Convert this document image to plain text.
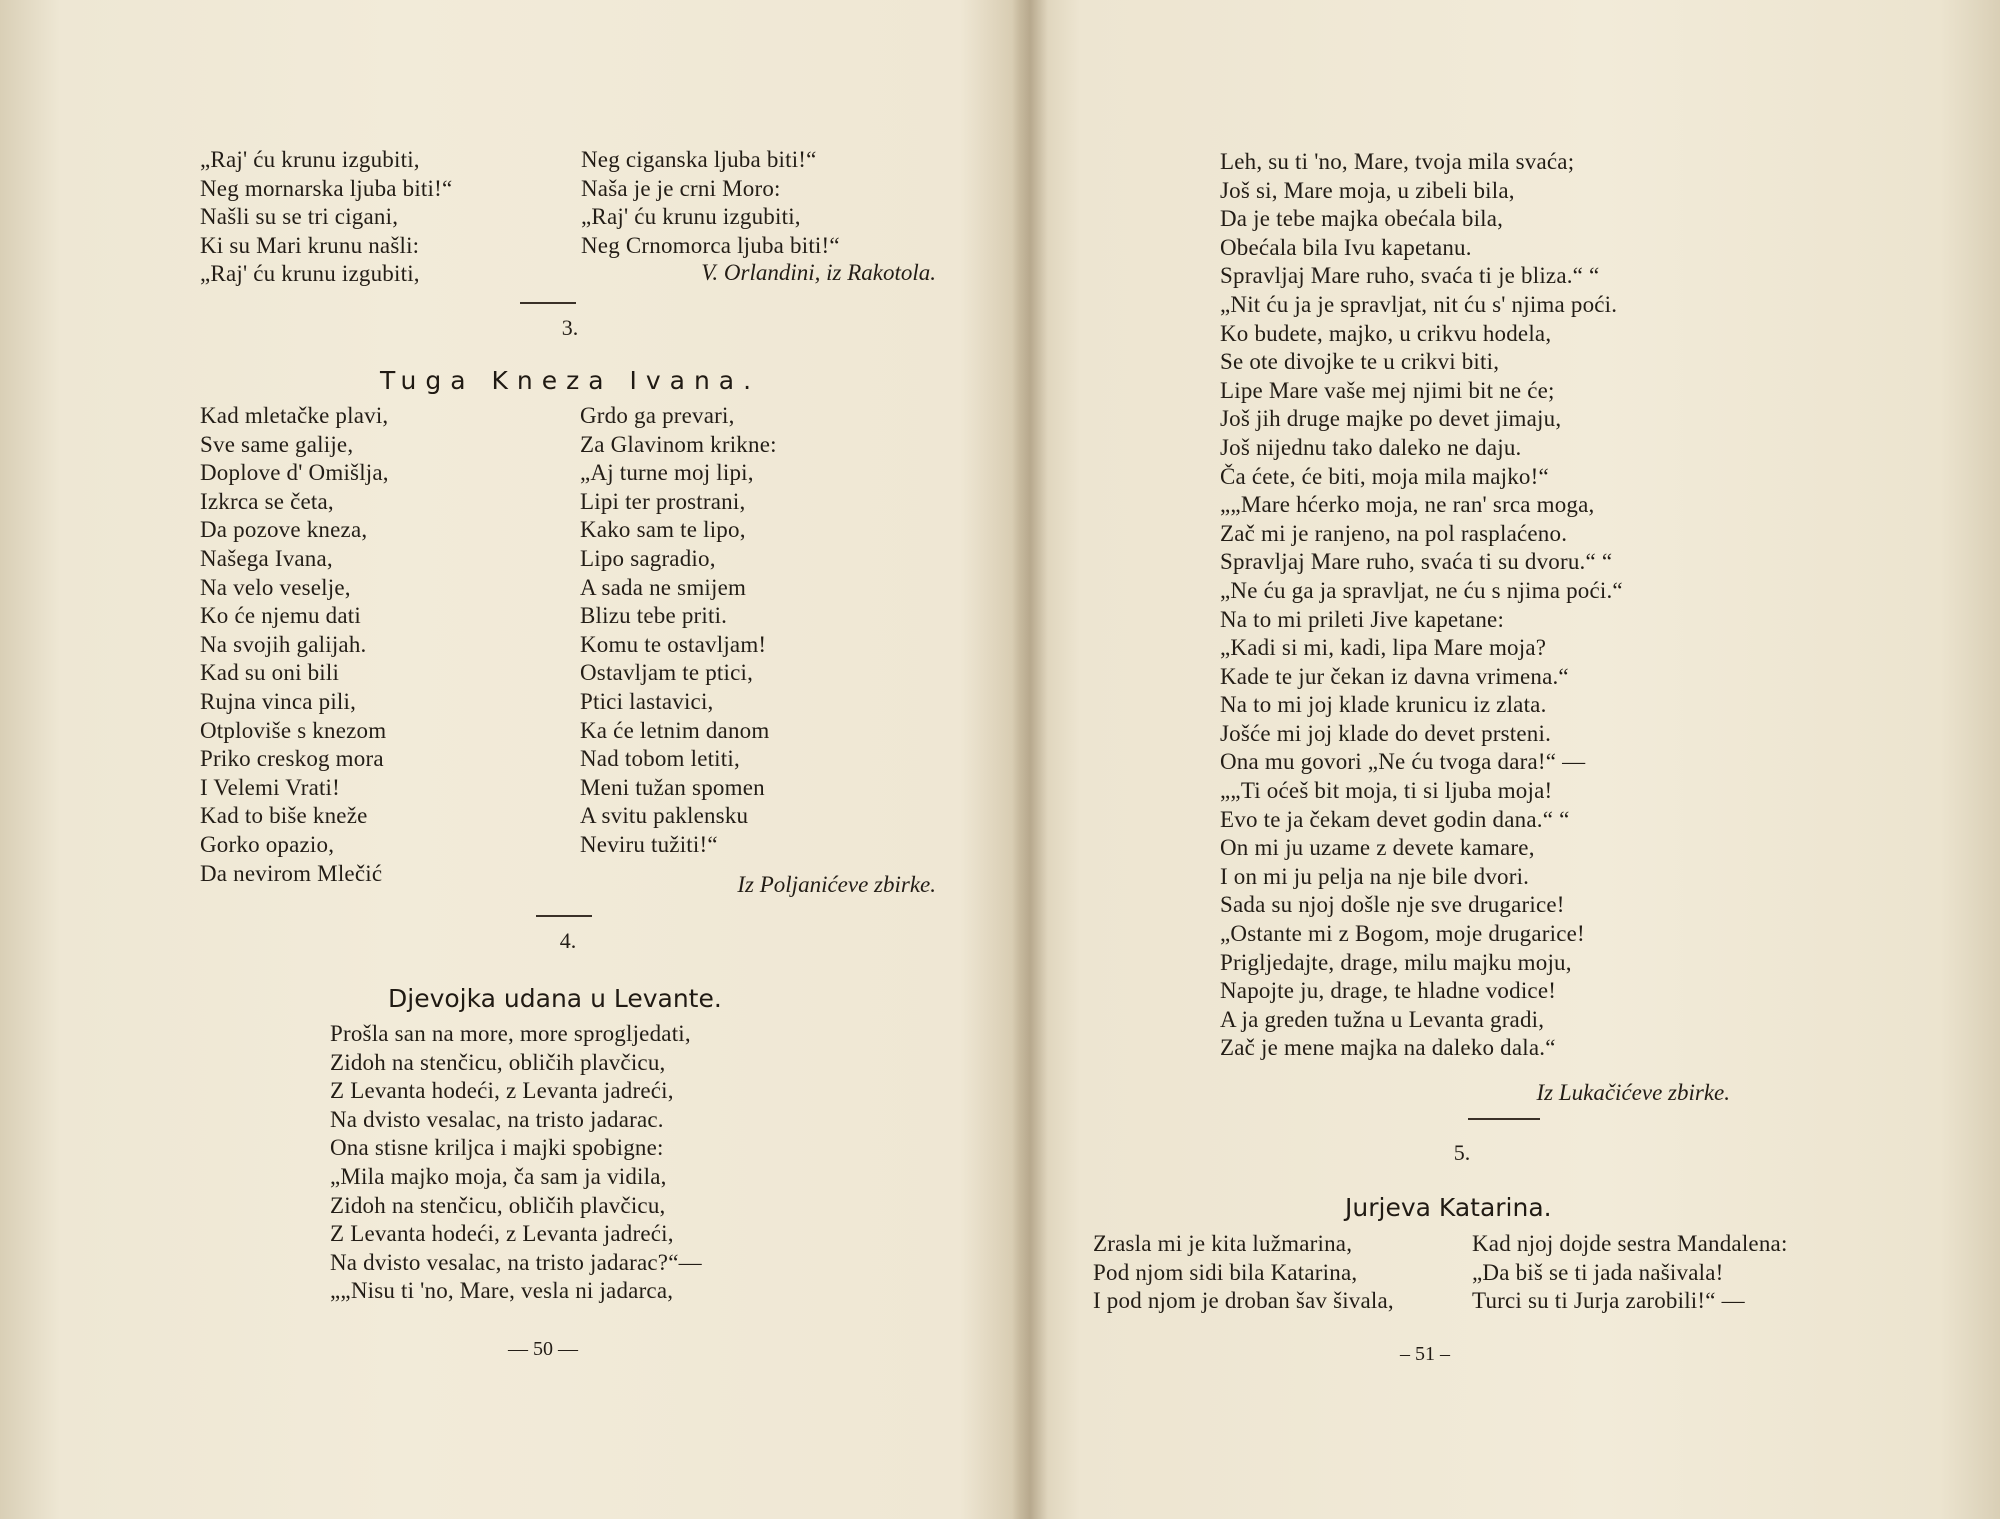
„Raj' ću krunu izgubiti,
Neg mornarska ljuba biti!“
Našli su se tri cigani,
Ki su Mari krunu našli:
„Raj' ću krunu izgubiti,
Neg ciganska ljuba biti!“
Naša je je crni Moro:
„Raj' ću krunu izgubiti,
Neg Crnomorca ljuba biti!“
V. Orlandini, iz Rakotola.
3.
Tuga Kneza Ivana.
Kad mletačke plavi,
Sve same galije,
Doplove d' Omišlja,
Izkrca se četa,
Da pozove kneza,
Našega Ivana,
Na velo veselje,
Ko će njemu dati
Na svojih galijah.
Kad su oni bili
Rujna vinca pili,
Otploviše s knezom
Priko creskog mora
I Velemi Vrati!
Kad to biše kneže
Gorko opazio,
Da nevirom Mlečić
Grdo ga prevari,
Za Glavinom krikne:
„Aj turne moj lipi,
Lipi ter prostrani,
Kako sam te lipo,
Lipo sagradio,
A sada ne smijem
Blizu tebe priti.
Komu te ostavljam!
Ostavljam te ptici,
Ptici lastavici,
Ka će letnim danom
Nad tobom letiti,
Meni tužan spomen
A svitu paklensku
Neviru tužiti!“
Iz Poljanićeve zbirke.
4.
Djevojka udana u Levante.
Prošla san na more, more sprogljedati,
Zidoh na stenčicu, obličih plavčicu,
Z Levanta hodeći, z Levanta jadreći,
Na dvisto vesalac, na tristo jadarac.
Ona stisne kriljca i majki spobigne:
„Mila majko moja, ča sam ja vidila,
Zidoh na stenčicu, obličih plavčicu,
Z Levanta hodeći, z Levanta jadreći,
Na dvisto vesalac, na tristo jadarac?“—
„„Nisu ti 'no, Mare, vesla ni jadarca,
— 50 —
Leh, su ti 'no, Mare, tvoja mila svaća;
Još si, Mare moja, u zibeli bila,
Da je tebe majka obećala bila,
Obećala bila Ivu kapetanu.
Spravljaj Mare ruho, svaća ti je bliza.“ “
„Nit ću ja je spravljat, nit ću s' njima poći.
Ko budete, majko, u crikvu hodela,
Se ote divojke te u crikvi biti,
Lipe Mare vaše mej njimi bit ne će;
Još jih druge majke po devet jimaju,
Još nijednu tako daleko ne daju.
Ča ćete, će biti, moja mila majko!“
„„Mare hćerko moja, ne ran' srca moga,
Zač mi je ranjeno, na pol rasplaćeno.
Spravljaj Mare ruho, svaća ti su dvoru.“ “
„Ne ću ga ja spravljat, ne ću s njima poći.“
Na to mi prileti Jive kapetane:
„Kadi si mi, kadi, lipa Mare moja?
Kade te jur čekan iz davna vrimena.“
Na to mi joj klade krunicu iz zlata.
Jošće mi joj klade do devet prsteni.
Ona mu govori „Ne ću tvoga dara!“ —
„„Ti oćeš bit moja, ti si ljuba moja!
Evo te ja čekam devet godin dana.“ “
On mi ju uzame z devete kamare,
I on mi ju pelja na nje bile dvori.
Sada su njoj došle nje sve drugarice!
„Ostante mi z Bogom, moje drugarice!
Prigljedajte, drage, milu majku moju,
Napojte ju, drage, te hladne vodice!
A ja greden tužna u Levanta gradi,
Zač je mene majka na daleko dala.“
Iz Lukačićeve zbirke.
5.
Jurjeva Katarina.
Zrasla mi je kita lužmarina,
Pod njom sidi bila Katarina,
I pod njom je droban šav šivala,
Kad njoj dojde sestra Mandalena:
„Da biš se ti jada našivala!
Turci su ti Jurja zarobili!“ —
– 51 –
